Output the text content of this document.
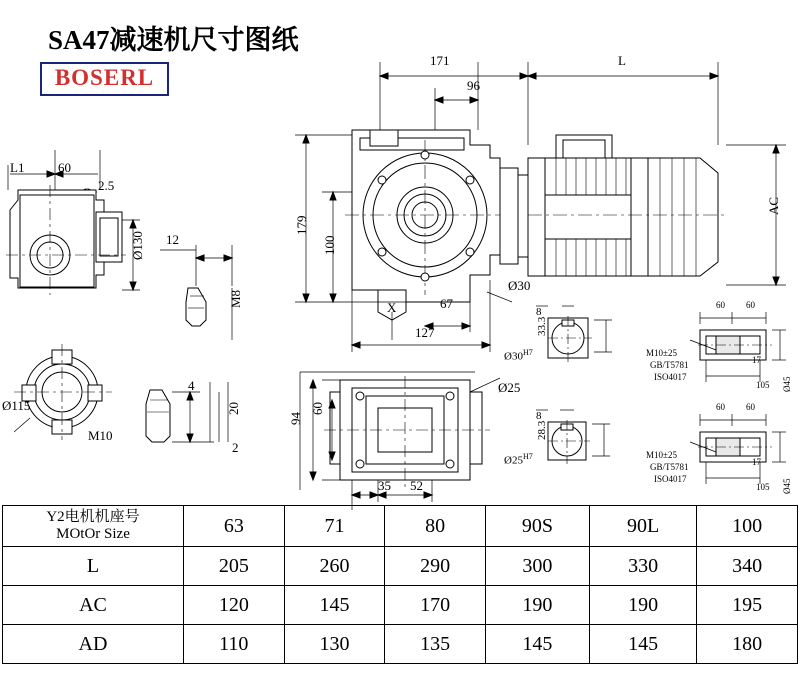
SA47减速机尺寸图纸
BOSERL
171
96
L
179
100
AC
L1	60
2.5
12
Ø130
M8
Ø115
M10
4
20
2
X	67
127
Ø30
Ø25
8
8
33.3
28.3
$Ø30^{H7}$
$Ø25^{H7}$
94
60
35 52
60 60
17
105 Ø45
M10±25
GB/T5781
ISO4017
60 60
17
105 Ø45
M10±25
GB/T5781
ISO4017
Y2电机机座号
MOtOr Size	63	71	80	90S	90L	100
L	205	260	290	300	330	340
AC	120	145	170	190	190	195
AD	110	130	135	145	145	180
